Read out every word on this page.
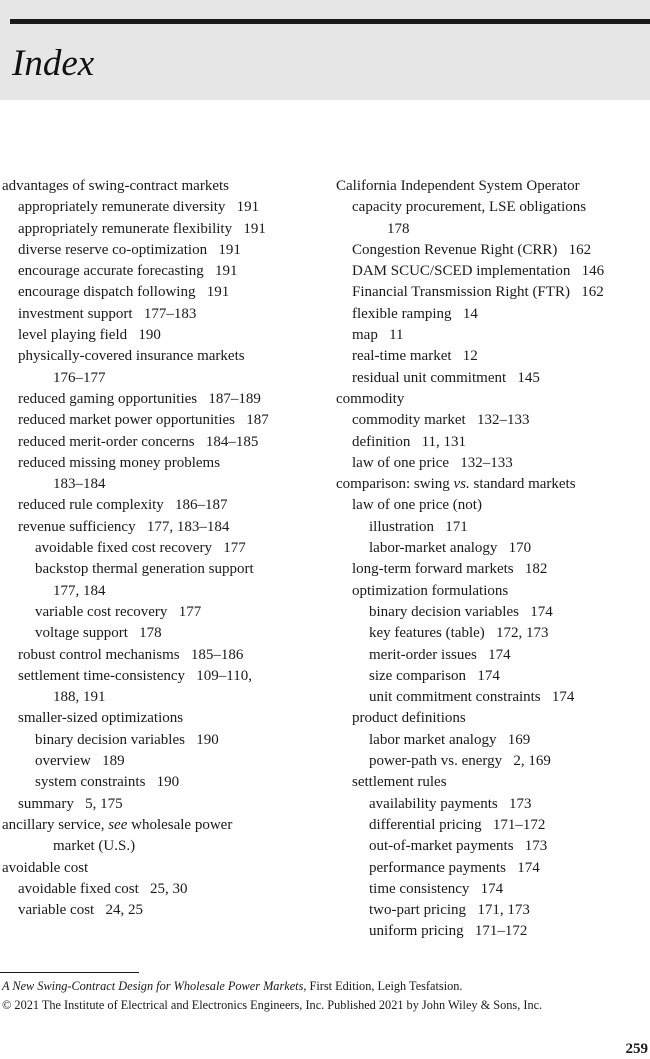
Index
advantages of swing-contract markets
appropriately remunerate diversity 191
appropriately remunerate flexibility 191
diverse reserve co-optimization 191
encourage accurate forecasting 191
encourage dispatch following 191
investment support 177–183
level playing field 190
physically-covered insurance markets
176–177
reduced gaming opportunities 187–189
reduced market power opportunities 187
reduced merit-order concerns 184–185
reduced missing money problems
183–184
reduced rule complexity 186–187
revenue sufficiency 177, 183–184
avoidable fixed cost recovery 177
backstop thermal generation support
177, 184
variable cost recovery 177
voltage support 178
robust control mechanisms 185–186
settlement time-consistency 109–110,
188, 191
smaller-sized optimizations
binary decision variables 190
overview 189
system constraints 190
summary 5, 175
ancillary service, see wholesale power
market (U.S.)
avoidable cost
avoidable fixed cost 25, 30
variable cost 24, 25
California Independent System Operator
capacity procurement, LSE obligations
178
Congestion Revenue Right (CRR) 162
DAM SCUC/SCED implementation 146
Financial Transmission Right (FTR) 162
flexible ramping 14
map 11
real-time market 12
residual unit commitment 145
commodity
commodity market 132–133
definition 11, 131
law of one price 132–133
comparison: swing vs. standard markets
law of one price (not)
illustration 171
labor-market analogy 170
long-term forward markets 182
optimization formulations
binary decision variables 174
key features (table) 172, 173
merit-order issues 174
size comparison 174
unit commitment constraints 174
product definitions
labor market analogy 169
power-path vs. energy 2, 169
settlement rules
availability payments 173
differential pricing 171–172
out-of-market payments 173
performance payments 174
time consistency 174
two-part pricing 171, 173
uniform pricing 171–172
A New Swing-Contract Design for Wholesale Power Markets, First Edition, Leigh Tesfatsion.
© 2021 The Institute of Electrical and Electronics Engineers, Inc. Published 2021 by John Wiley & Sons, Inc.
259
